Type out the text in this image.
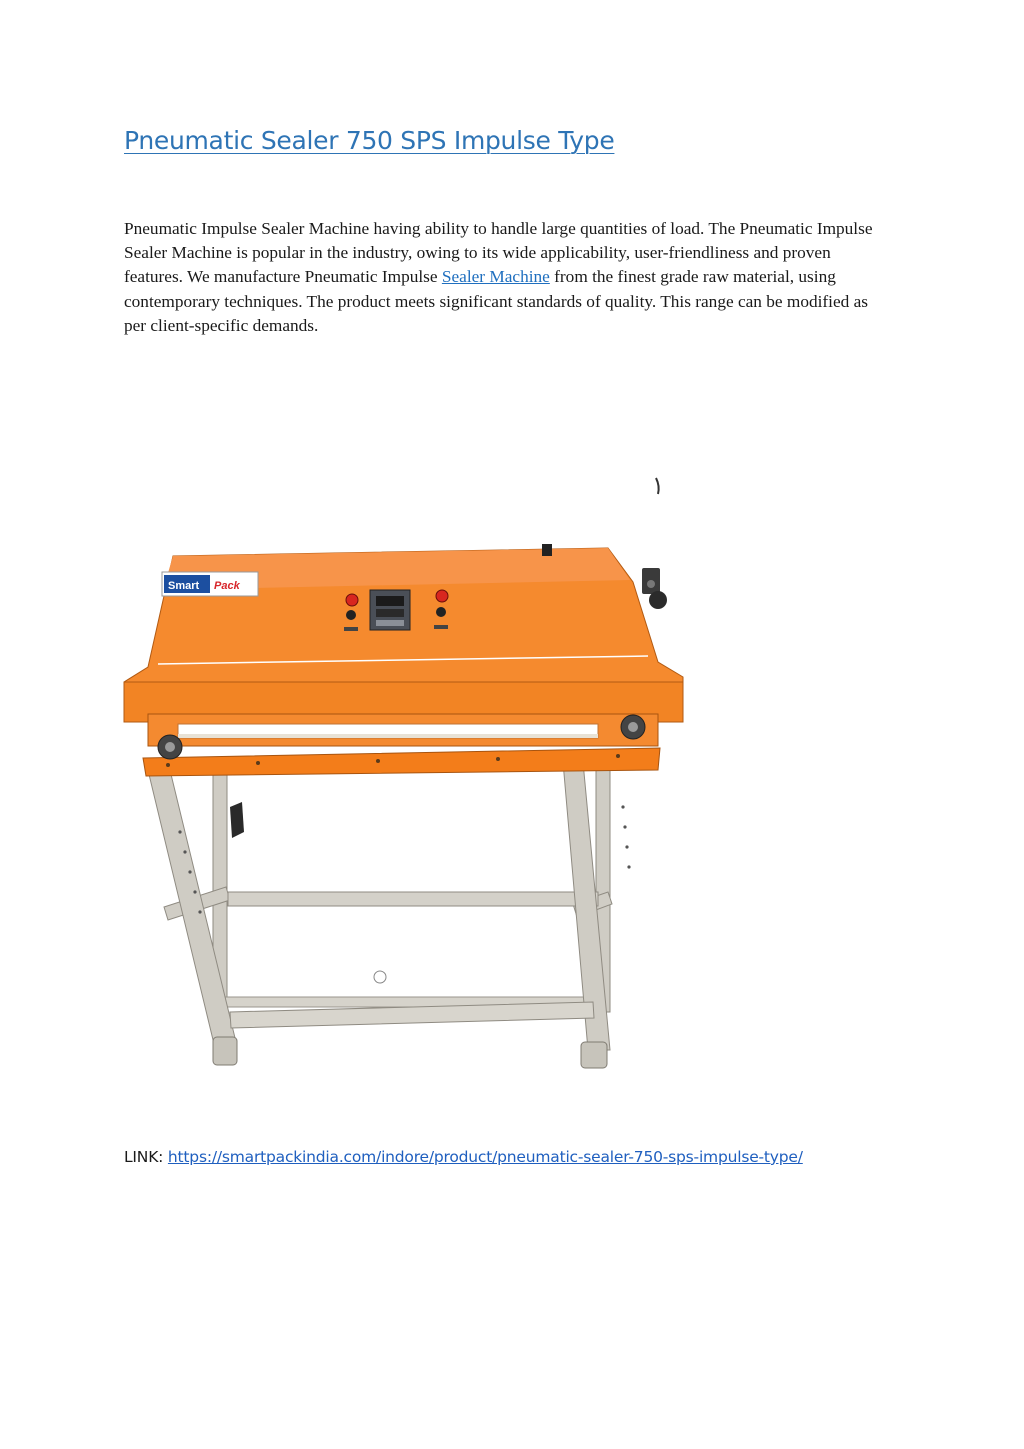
Pneumatic Sealer 750 SPS Impulse Type

Pneumatic Impulse Sealer Machine having ability to handle large quantities of load. The Pneumatic Impulse Sealer Machine is popular in the industry, owing to its wide applicability, user-friendliness and proven features. We manufacture Pneumatic Impulse Sealer Machine from the finest grade raw material, using contemporary techniques. The product meets significant standards of quality. This range can be modified as per client-specific demands.

Smart Pack

LINK: https://smartpackindia.com/indore/product/pneumatic-sealer-750-sps-impulse-type/
